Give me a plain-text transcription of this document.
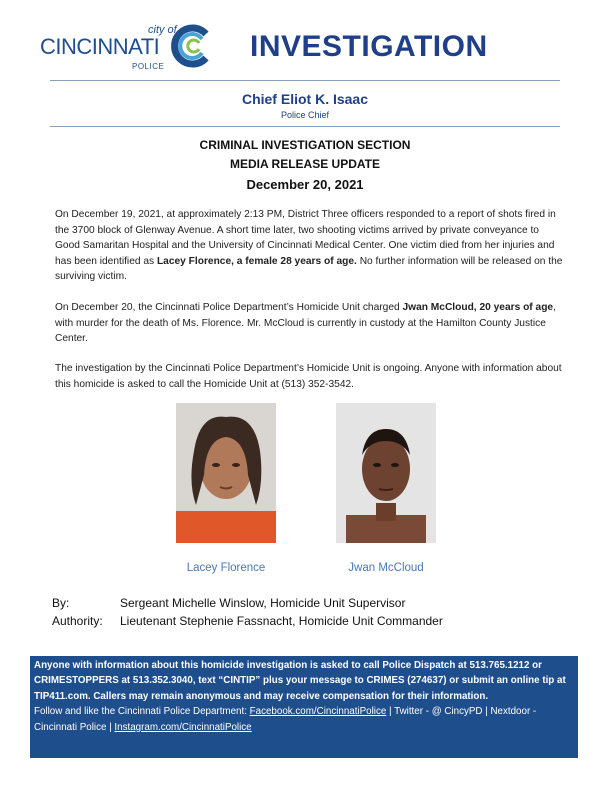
city of
CINCINNATI
POLICE
INVESTIGATION
Chief Eliot K. Isaac
Police Chief
CRIMINAL INVESTIGATION SECTION
MEDIA RELEASE UPDATE
December 20, 2021
On December 19, 2021, at approximately 2:13 PM, District Three officers responded to a report of shots fired in the 3700 block of Glenway Avenue. A short time later, two shooting victims arrived by private conveyance to Good Samaritan Hospital and the University of Cincinnati Medical Center. One victim died from her injuries and has been identified as Lacey Florence, a female 28 years of age. No further information will be released on the surviving victim.
On December 20, the Cincinnati Police Department’s Homicide Unit charged Jwan McCloud, 20 years of age, with murder for the death of Ms. Florence. Mr. McCloud is currently in custody at the Hamilton County Justice Center.
The investigation by the Cincinnati Police Department’s Homicide Unit is ongoing. Anyone with information about this homicide is asked to call the Homicide Unit at (513) 352-3542.
Lacey Florence	Jwan McCloud
By:	Sergeant Michelle Winslow, Homicide Unit Supervisor
Authority: Lieutenant Stephenie Fassnacht, Homicide Unit Commander
Anyone with information about this homicide investigation is asked to call Police Dispatch at 513.765.1212 or CRIMESTOPPERS at 513.352.3040, text “CINTIP” plus your message to CRIMES (274637) or submit an online tip at TIP411.com. Callers may remain anonymous and may receive compensation for their information.
Follow and like the Cincinnati Police Department: Facebook.com/CincinnatiPolice | Twitter - @ CincyPD | Nextdoor - Cincinnati Police | Instagram.com/CincinnatiPolice
